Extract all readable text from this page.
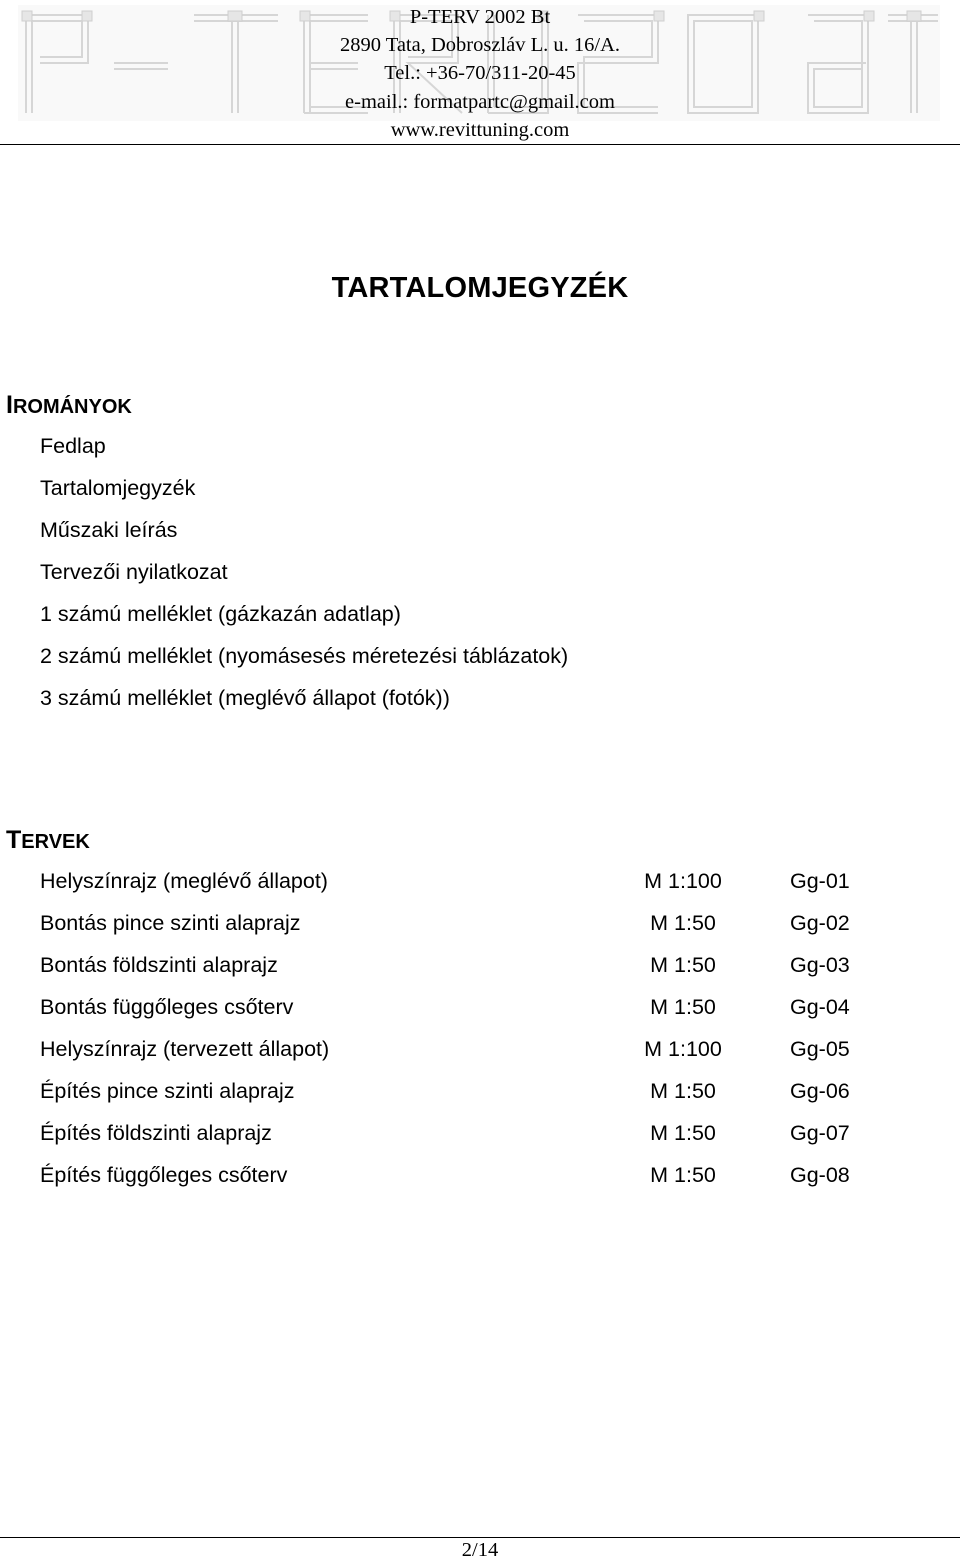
P-TERV 2002 Bt
2890 Tata, Dobroszláv L. u. 16/A.
Tel.: +36-70/311-20-45
e-mail.: formatpartc@gmail.com
www.revittuning.com
TARTALOMJEGYZÉK
IROMÁNYOK
Fedlap
Tartalomjegyzék
Műszaki leírás
Tervezői nyilatkozat
1 számú melléklet (gázkazán adatlap)
2 számú melléklet (nyomásesés méretezési táblázatok)
3 számú melléklet (meglévő állapot (fotók))
TERVEK
Helyszínrajz (meglévő állapot)	M 1:100	Gg-01
Bontás pince szinti alaprajz	M 1:50	Gg-02
Bontás földszinti alaprajz	M 1:50	Gg-03
Bontás függőleges csőterv	M 1:50	Gg-04
Helyszínrajz (tervezett állapot)	M 1:100	Gg-05
Építés pince szinti alaprajz	M 1:50	Gg-06
Építés földszinti alaprajz	M 1:50	Gg-07
Építés függőleges csőterv	M 1:50	Gg-08
2/14
